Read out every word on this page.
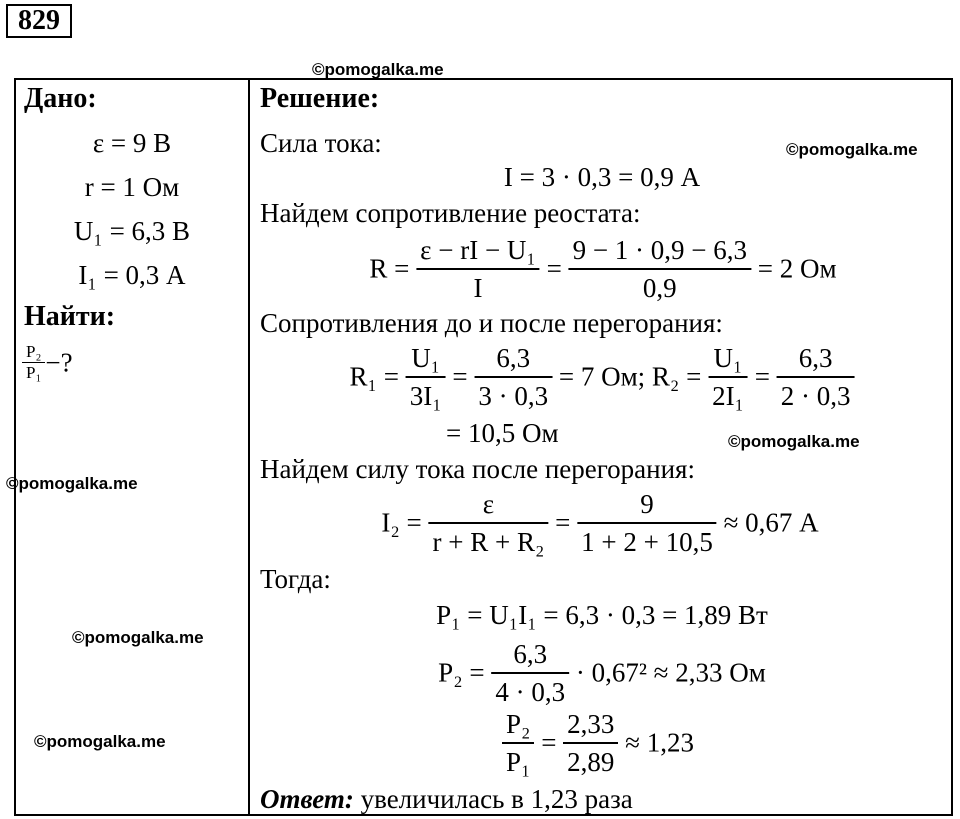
829
©pomogalka.me
©pomogalka.me
©pomogalka.me
©pomogalka.me
©pomogalka.me
©pomogalka.me
Дано:
ε = 9 В
r = 1 Ом
U₁ = 6,3 В
I₁ = 0,3 А
Найти:
$\frac{\text{P₂}}{\text{P₁}}$ −?
Решение:
Сила тока:
I = 3 · 0,3 = 0,9 А
Найдем сопротивление реостата:
$R = \frac{\text{ε − rI − U₁}}{I} = \frac{9 - 1 \cdot 0,9 - 6,3}{0,9} = 2$ Ом
Сопротивления до и после перегорания:
$R_1 = \frac{\text{U₁}}{\text{3I₁}} = \frac{6,3}{3 \cdot 0,3} = 7$ Ом; $R_2 = \frac{\text{U₁}}{\text{2I₁}} = \frac{6,3}{2 \cdot 0,3}$
= 10,5 Ом
Найдем силу тока после перегорания:
$I_2 = \frac{\varepsilon}{\text{r + R + R₂}} = \frac{9}{1 + 2 + 10,5} \approx 0,67$ А
Тогда:
P₁ = U₁I₁ = 6,3 · 0,3 = 1,89 Вт
$P_2 = \frac{6,3}{4 \cdot 0,3} \cdot 0,67^2 \approx 2,33$ Ом
$\frac{\text{P₂}}{\text{P₁}} = \frac{2,33}{2,89} \approx 1,23$
Ответ: увеличилась в 1,23 раза
